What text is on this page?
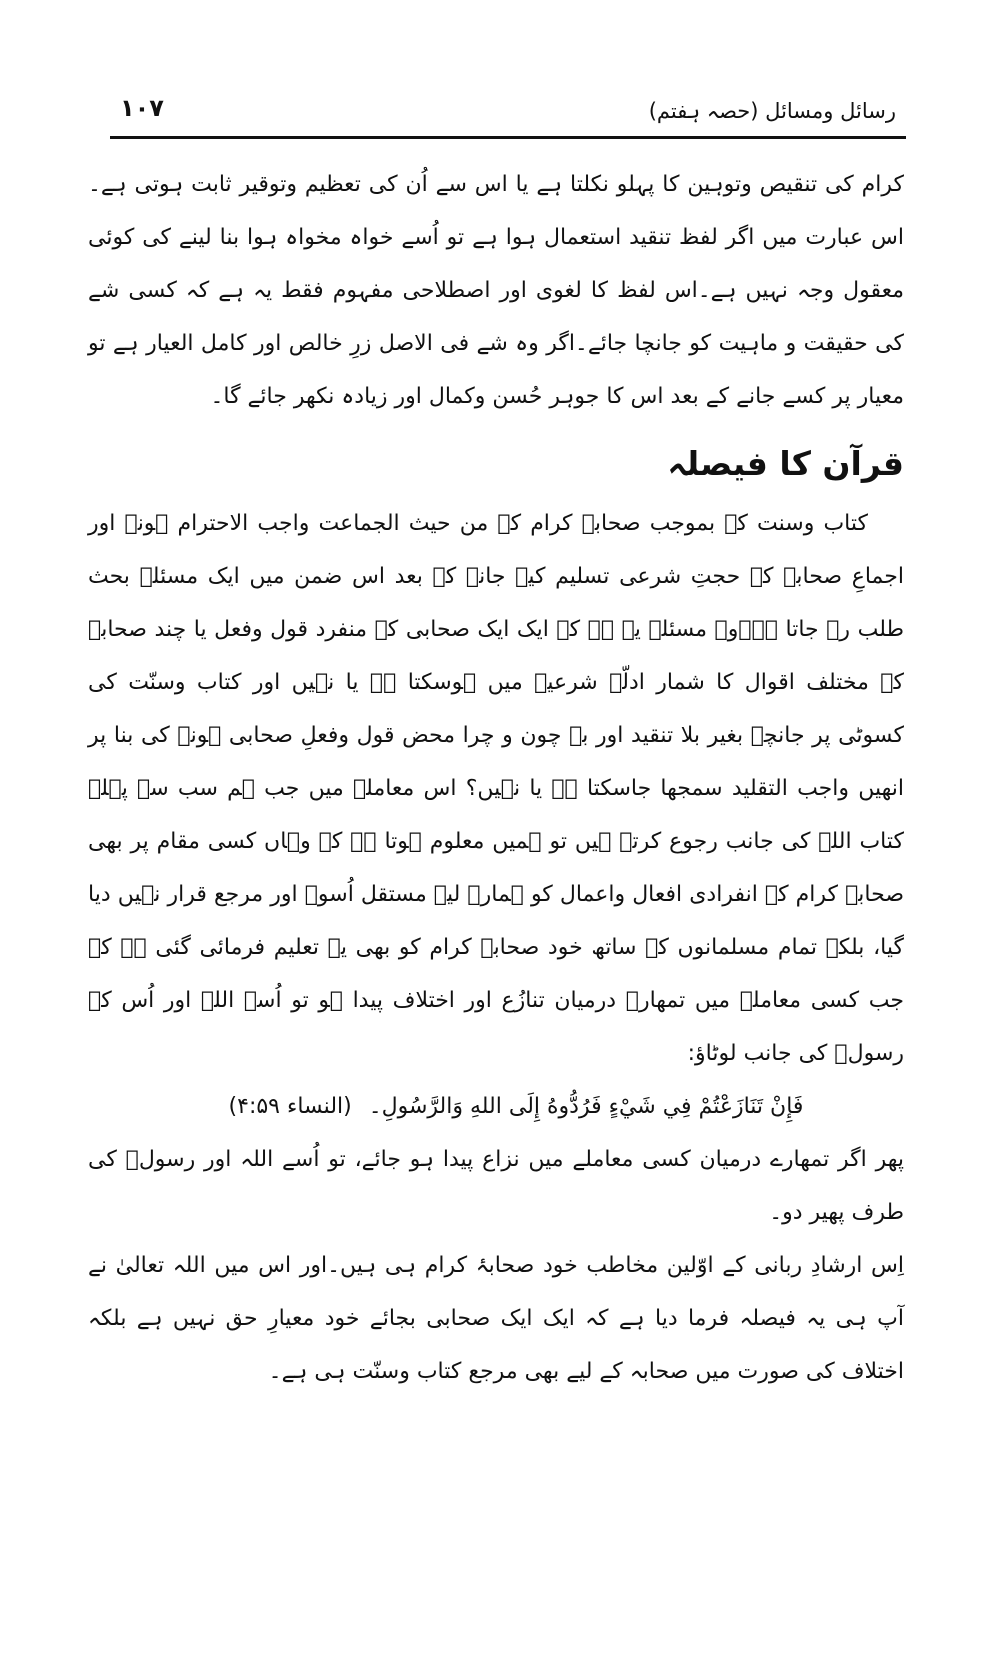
رسائل ومسائل (حصہ ہفتم)
۱۰۷

کرام کی تنقیص وتوہین کا پہلو نکلتا ہے یا اس سے اُن کی تعظیم وتوقیر ثابت ہوتی ہے۔اس عبارت میں اگر لفظ تنقید استعمال ہوا ہے تو اُسے خواہ مخواہ ہوا بنا لینے کی کوئی معقول وجہ نہیں ہے۔اس لفظ کا لغوی اور اصطلاحی مفہوم فقط یہ ہے کہ کسی شے کی حقیقت و ماہیت کو جانچا جائے۔اگر وہ شے فی الاصل زرِ خالص اور کامل العیار ہے تو معیار پر کسے جانے کے بعد اس کا جوہر حُسن وکمال اور زیادہ نکھر جائے گا۔

قرآن کا فیصلہ

کتاب وسنت کے بموجب صحابہ کرام کے من حیث الجماعت واجب الاحترام ہونے اور اجماعِ صحابہ کے حجتِ شرعی تسلیم کیے جانے کے بعد اس ضمن میں ایک مسئلہ بحث طلب رہ جاتا ہے۔وہ مسئلہ یہ ہے کہ ایک ایک صحابی کے منفرد قول وفعل یا چند صحابہ کے مختلف اقوال کا شمار ادلّہ شرعیہ میں ہوسکتا ہے یا نہیں اور کتاب وسنّت کی کسوٹی پر جانچے بغیر بلا تنقید اور بے چون و چرا محض قول وفعلِ صحابی ہونے کی بنا پر انھیں واجب التقلید سمجھا جاسکتا ہے یا نہیں؟ اس معاملے میں جب ہم سب سے پہلے کتاب اللہ کی جانب رجوع کرتے ہیں تو ہمیں معلوم ہوتا ہے کہ وہاں کسی مقام پر بھی صحابۂ کرام کے انفرادی افعال واعمال کو ہمارے لیے مستقل اُسوۂ اور مرجع قرار نہیں دیا گیا، بلکہ تمام مسلمانوں کے ساتھ خود صحابہ کرام کو بھی یہ تعلیم فرمائی گئی ہے کہ جب کسی معاملے میں تمھارے درمیان تنازُع اور اختلاف پیدا ہو تو اُسے اللہ اور اُس کے رسولؐ کی جانب لوٹاؤ:

فَإِنْ تَنَازَعْتُمْ فِي شَيْءٍ فَرُدُّوهُ إِلَى اللهِ وَالرَّسُولِ۔ (النساء ۴:۵۹)

پھر اگر تمھارے درمیان کسی معاملے میں نزاع پیدا ہو جائے، تو اُسے اللہ اور رسولؐ کی طرف پھیر دو۔

اِس ارشادِ ربانی کے اوّلین مخاطب خود صحابۂ کرام ہی ہیں۔اور اس میں اللہ تعالیٰ نے آپ ہی یہ فیصلہ فرما دیا ہے کہ ایک ایک صحابی بجائے خود معیارِ حق نہیں ہے بلکہ اختلاف کی صورت میں صحابہ کے لیے بھی مرجع کتاب وسنّت ہی ہے۔
